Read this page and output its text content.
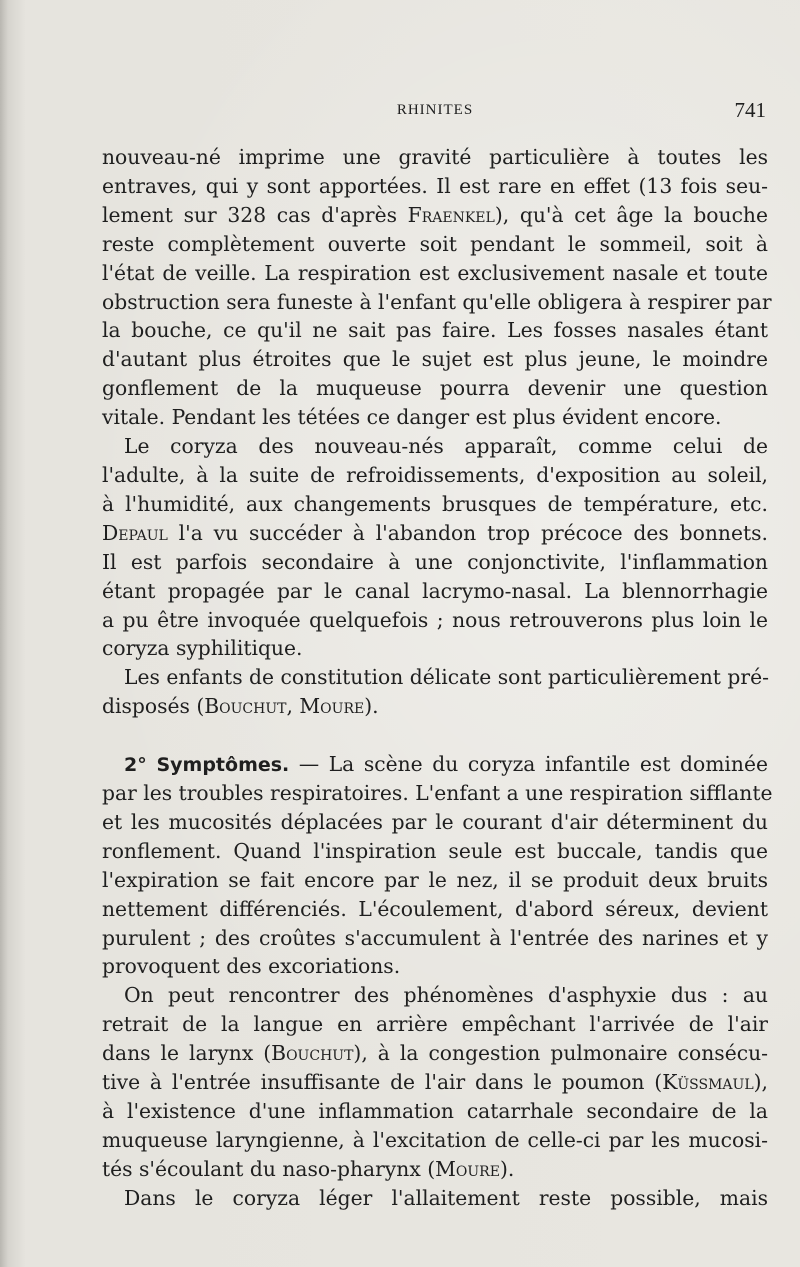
RHINITES	741
nouveau-né imprime une gravité particulière à toutes les
entraves, qui y sont apportées. Il est rare en effet (13 fois seu-
lement sur 328 cas d'après Fraenkel), qu'à cet âge la bouche
reste complètement ouverte soit pendant le sommeil, soit à
l'état de veille. La respiration est exclusivement nasale et toute
obstruction sera funeste à l'enfant qu'elle obligera à respirer par
la bouche, ce qu'il ne sait pas faire. Les fosses nasales étant
d'autant plus étroites que le sujet est plus jeune, le moindre
gonflement de la muqueuse pourra devenir une question
vitale. Pendant les tétées ce danger est plus évident encore.
Le coryza des nouveau-nés apparaît, comme celui de
l'adulte, à la suite de refroidissements, d'exposition au soleil,
à l'humidité, aux changements brusques de température, etc.
Depaul l'a vu succéder à l'abandon trop précoce des bonnets.
Il est parfois secondaire à une conjonctivite, l'inflammation
étant propagée par le canal lacrymo-nasal. La blennorrhagie
a pu être invoquée quelquefois ; nous retrouverons plus loin le
coryza syphilitique.
Les enfants de constitution délicate sont particulièrement pré-
disposés (Bouchut, Moure).
2° Symptômes. — La scène du coryza infantile est dominée
par les troubles respiratoires. L'enfant a une respiration sifflante
et les mucosités déplacées par le courant d'air déterminent du
ronflement. Quand l'inspiration seule est buccale, tandis que
l'expiration se fait encore par le nez, il se produit deux bruits
nettement différenciés. L'écoulement, d'abord séreux, devient
purulent ; des croûtes s'accumulent à l'entrée des narines et y
provoquent des excoriations.
On peut rencontrer des phénomènes d'asphyxie dus : au
retrait de la langue en arrière empêchant l'arrivée de l'air
dans le larynx (Bouchut), à la congestion pulmonaire consécu-
tive à l'entrée insuffisante de l'air dans le poumon (Küssmaul),
à l'existence d'une inflammation catarrhale secondaire de la
muqueuse laryngienne, à l'excitation de celle-ci par les mucosi-
tés s'écoulant du naso-pharynx (Moure).
Dans le coryza léger l'allaitement reste possible, mais
